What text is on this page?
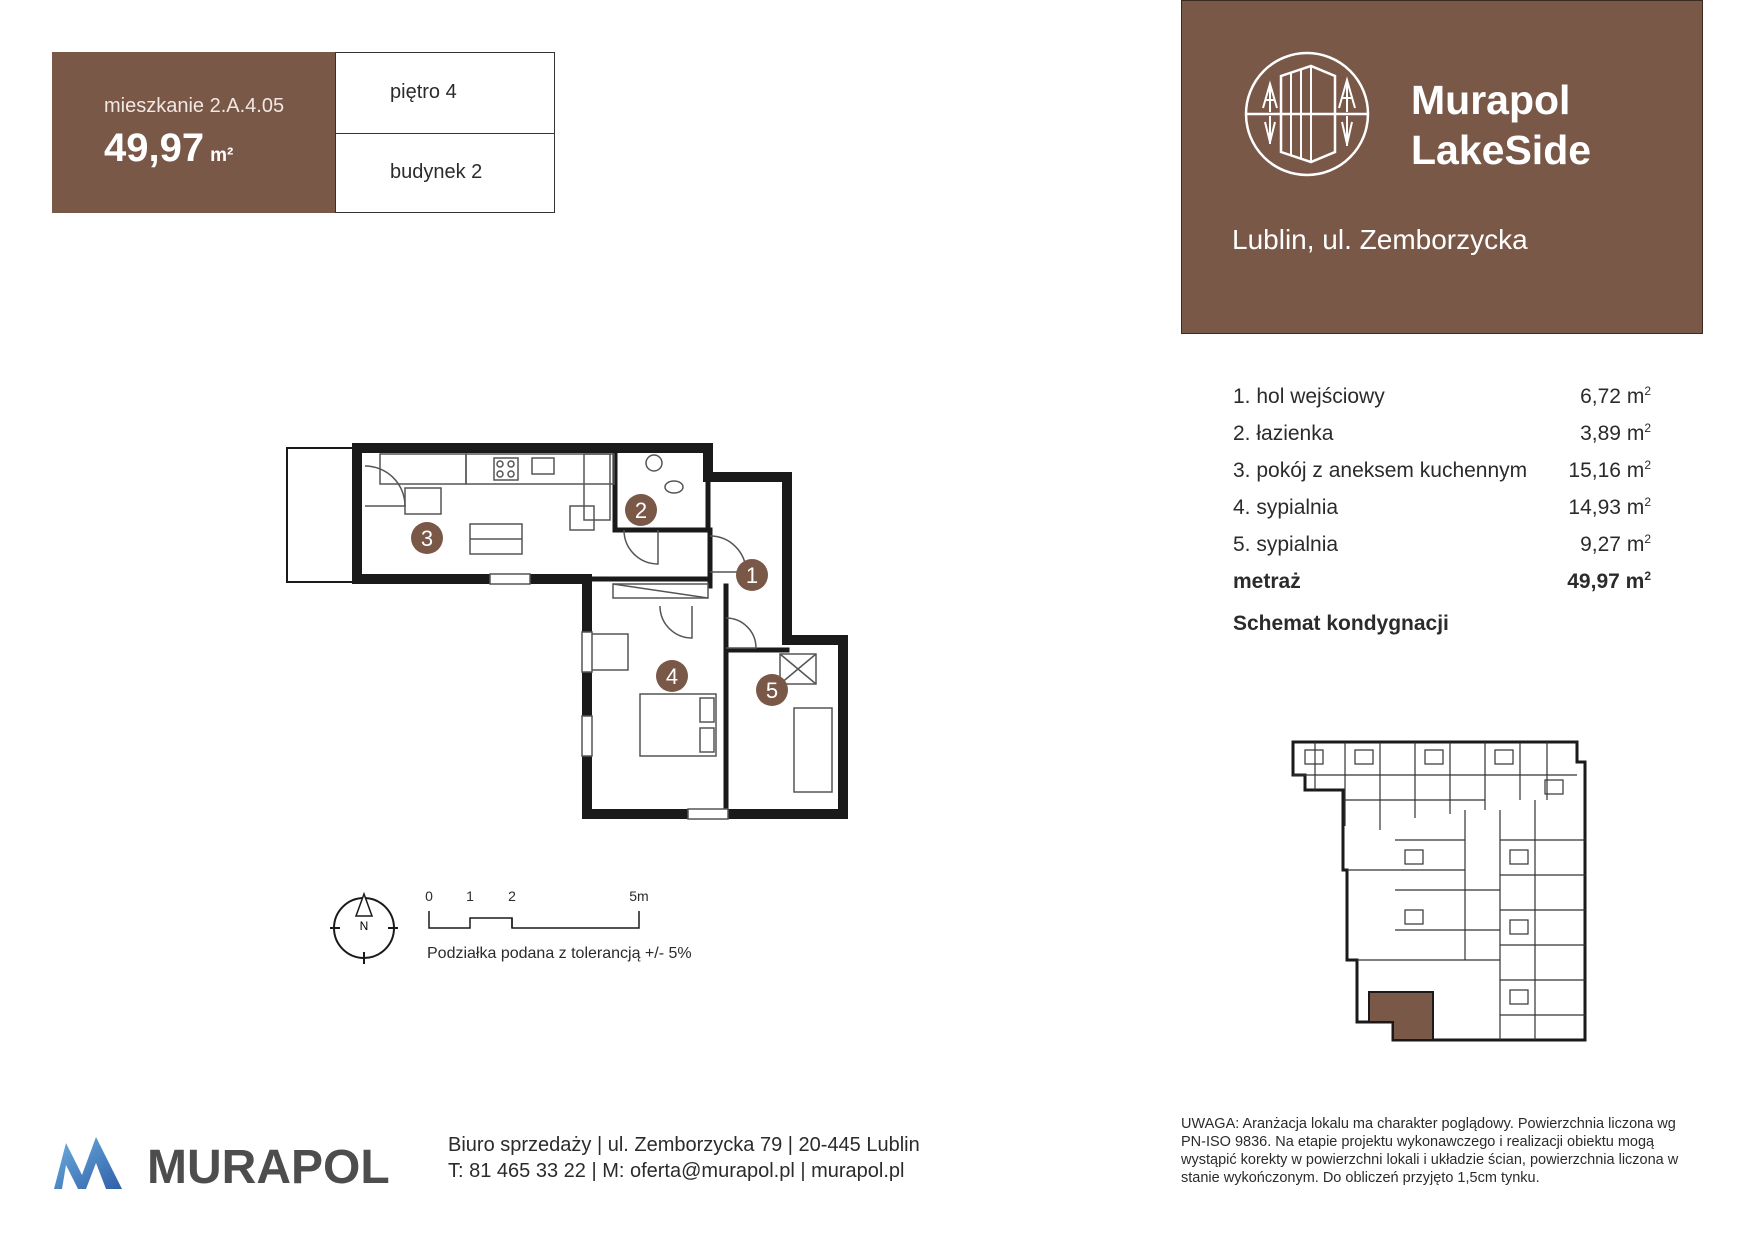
mieszkanie 2.A.4.05
49,97 m²
piętro 4
budynek 2
Murapol
LakeSide
Lublin, ul. Zemborzycka
1. hol wejściowy	6,72 $m^2$
2. łazienka	3,89 $m^2$
3. pokój z aneksem kuchennym 15,16 $m^2$
4. sypialnia	14,93 $m^2$
5. sypialnia	9,27 $m^2$
metraż	49,97 $m^2$
Schemat kondygnacji
1
2
3
4
5
N
0 1 2	5m
Podziałka podana z tolerancją +/- 5%
MURAPOL	Biuro sprzedaży | ul. Zemborzycka 79 | 20-445 Lublin
T: 81 465 33 22 | M: oferta@murapol.pl | murapol.pl
UWAGA: Aranżacja lokalu ma charakter poglądowy. Powierzchnia liczona wg PN-ISO 9836. Na etapie projektu wykonawczego i realizacji obiektu mogą wystąpić korekty w powierzchni lokali i układzie ścian, powierzchnia liczona w stanie wykończonym. Do obliczeń przyjęto 1,5cm tynku.
